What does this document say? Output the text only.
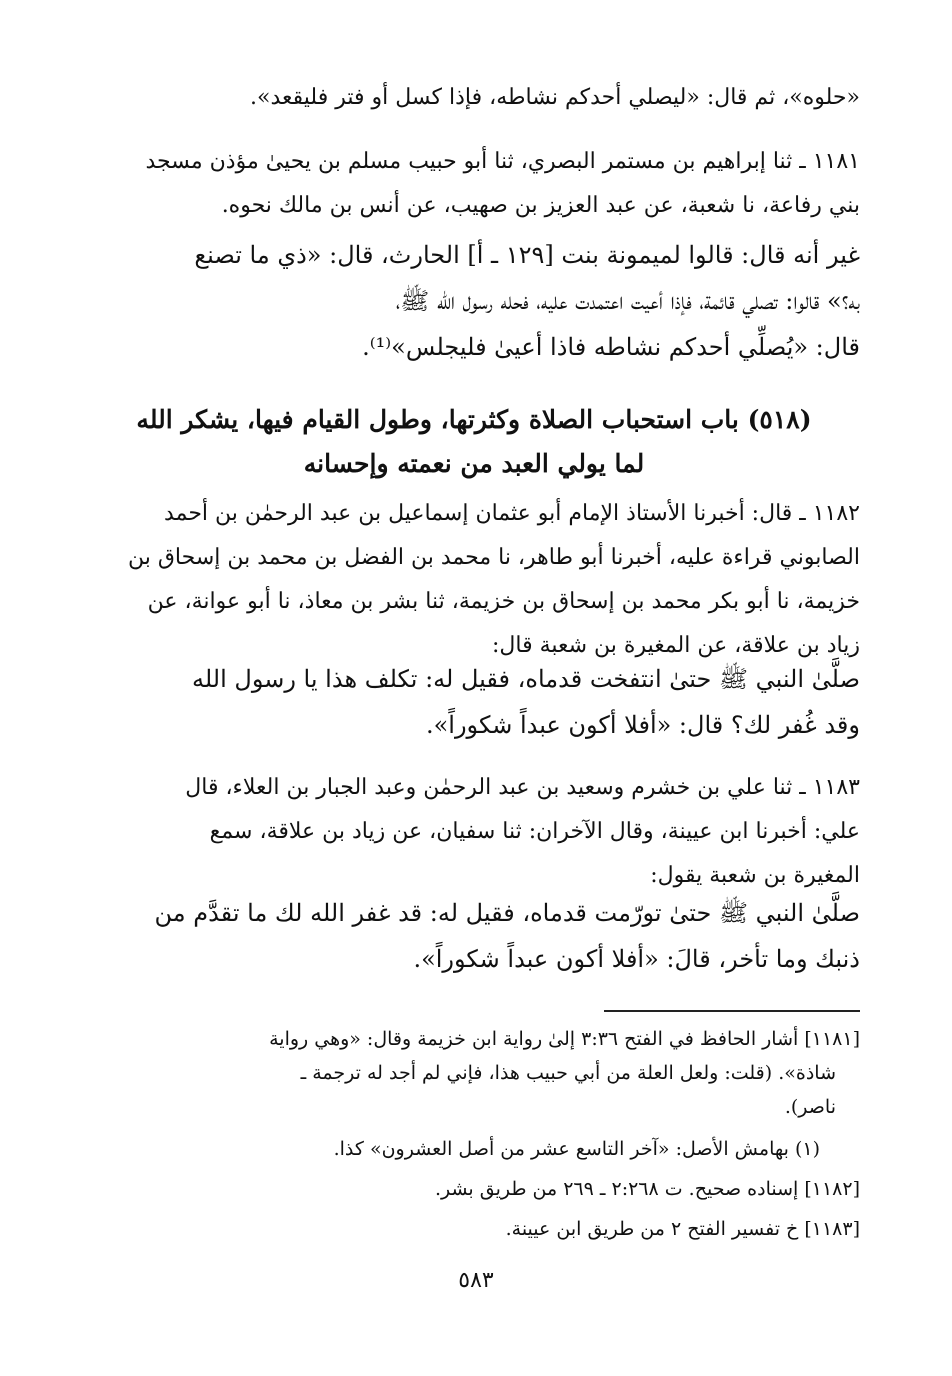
«حلوه»، ثم قال: «ليصلي أحدكم نشاطه، فإذا كسل أو فتر فليقعد».
١١٨١ ـ ثنا إبراهيم بن مستمر البصري، ثنا أبو حبيب مسلم بن يحيىٰ مؤذن مسجد
بني رفاعة، نا شعبة، عن عبد العزيز بن صهيب، عن أنس بن مالك نحوه.
غير أنه قال: قالوا لميمونة بنت [١٢٩ ـ أ] الحارث، قال: «ذي ما تصنع
به؟» قالوا: تصلي قائمة، فإذا أعيت اعتمدت عليه، فحله رسول الله ﷺ،
قال: «يُصلِّي أحدكم نشاطه فاذا أعيىٰ فليجلس»⁽¹⁾.
(٥١٨) باب استحباب الصلاة وكثرتها، وطول القيام فيها، يشكر الله
لما يولي العبد من نعمته وإحسانه
١١٨٢ ـ قال: أخبرنا الأستاذ الإمام أبو عثمان إسماعيل بن عبد الرحمٰن بن أحمد
الصابوني قراءة عليه، أخبرنا أبو طاهر، نا محمد بن الفضل بن محمد بن إسحاق بن
خزيمة، نا أبو بكر محمد بن إسحاق بن خزيمة، ثنا بشر بن معاذ، نا أبو عوانة، عن
زياد بن علاقة، عن المغيرة بن شعبة قال:
صلَّىٰ النبي ﷺ حتىٰ انتفخت قدماه، فقيل له: تكلف هذا يا رسول الله
وقد غُفر لك؟ قال: «أفلا أكون عبداً شكوراً».
١١٨٣ ـ ثنا علي بن خشرم وسعيد بن عبد الرحمٰن وعبد الجبار بن العلاء، قال
علي: أخبرنا ابن عيينة، وقال الآخران: ثنا سفيان، عن زياد بن علاقة، سمع
المغيرة بن شعبة يقول:
صلَّىٰ النبي ﷺ حتىٰ تورّمت قدماه، فقيل له: قد غفر الله لك ما تقدَّم من
ذنبك وما تأخر، قالَ: «أفلا أكون عبداً شكوراً».
[١١٨١] أشار الحافظ في الفتح ٣:٣٦ إلىٰ رواية ابن خزيمة وقال: «وهي رواية
شاذة». (قلت: ولعل العلة من أبي حبيب هذا، فإني لم أجد له ترجمة ـ
ناصر).
(١) بهامش الأصل: «آخر التاسع عشر من أصل العشرون» كذا.
[١١٨٢] إسناده صحيح. ت ٢:٢٦٨ ـ ٢٦٩ من طريق بشر.
[١١٨٣] خ تفسير الفتح ٢ من طريق ابن عيينة.
٥٨٣
